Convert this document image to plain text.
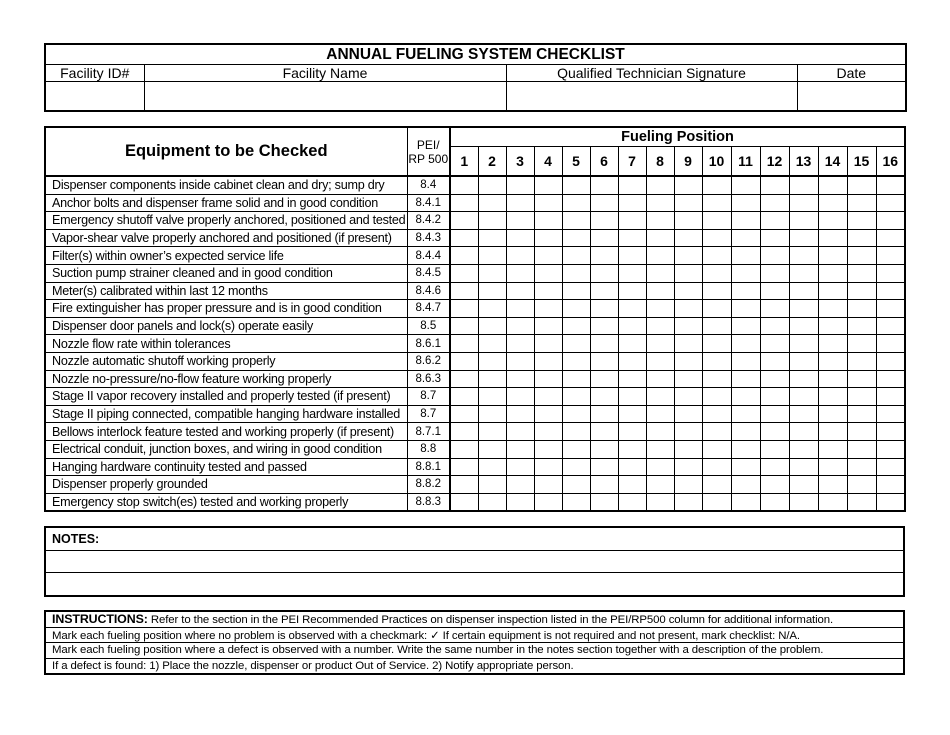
ANNUAL FUELING SYSTEM CHECKLIST			
Facility ID#	Facility Name	Qualified Technician Signature	Date

Equipment to be Checked	PEI/ RP 500	Fueling Position															
		1	2	3	4	5	6	7	8	9	10	11	12	13	14	15	16
Dispenser components inside cabinet clean and dry; sump dry	8.4																
Anchor bolts and dispenser frame solid and in good condition	8.4.1																
Emergency shutoff valve properly anchored, positioned and tested	8.4.2																
Vapor-shear valve properly anchored and positioned (if present)	8.4.3																
Filter(s) within owner’s expected service life	8.4.4																
Suction pump strainer cleaned and in good condition	8.4.5																
Meter(s) calibrated within last 12 months	8.4.6																
Fire extinguisher has proper pressure and is in good condition	8.4.7																
Dispenser door panels and lock(s) operate easily	8.5																
Nozzle flow rate within tolerances	8.6.1																
Nozzle automatic shutoff working properly	8.6.2																
Nozzle no-pressure/no-flow feature working properly	8.6.3																
Stage II vapor recovery installed and properly tested (if present)	8.7																
Stage II piping connected, compatible hanging hardware installed	8.7																
Bellows interlock feature tested and working properly (if present)	8.7.1																
Electrical conduit, junction boxes, and wiring in good condition	8.8																
Hanging hardware continuity tested and passed	8.8.1																
Dispenser properly grounded	8.8.2																
Emergency stop switch(es) tested and working properly	8.8.3																
NOTES:

INSTRUCTIONS: Refer to the section in the PEI Recommended Practices on dispenser inspection listed in the PEI/RP500 column for additional information.
Mark each fueling position where no problem is observed with a checkmark: ✓ If certain equipment is not required and not present, mark checklist: N/A.
Mark each fueling position where a defect is observed with a number. Write the same number in the notes section together with a description of the problem.
If a defect is found: 1) Place the nozzle, dispenser or product Out of Service. 2) Notify appropriate person.
